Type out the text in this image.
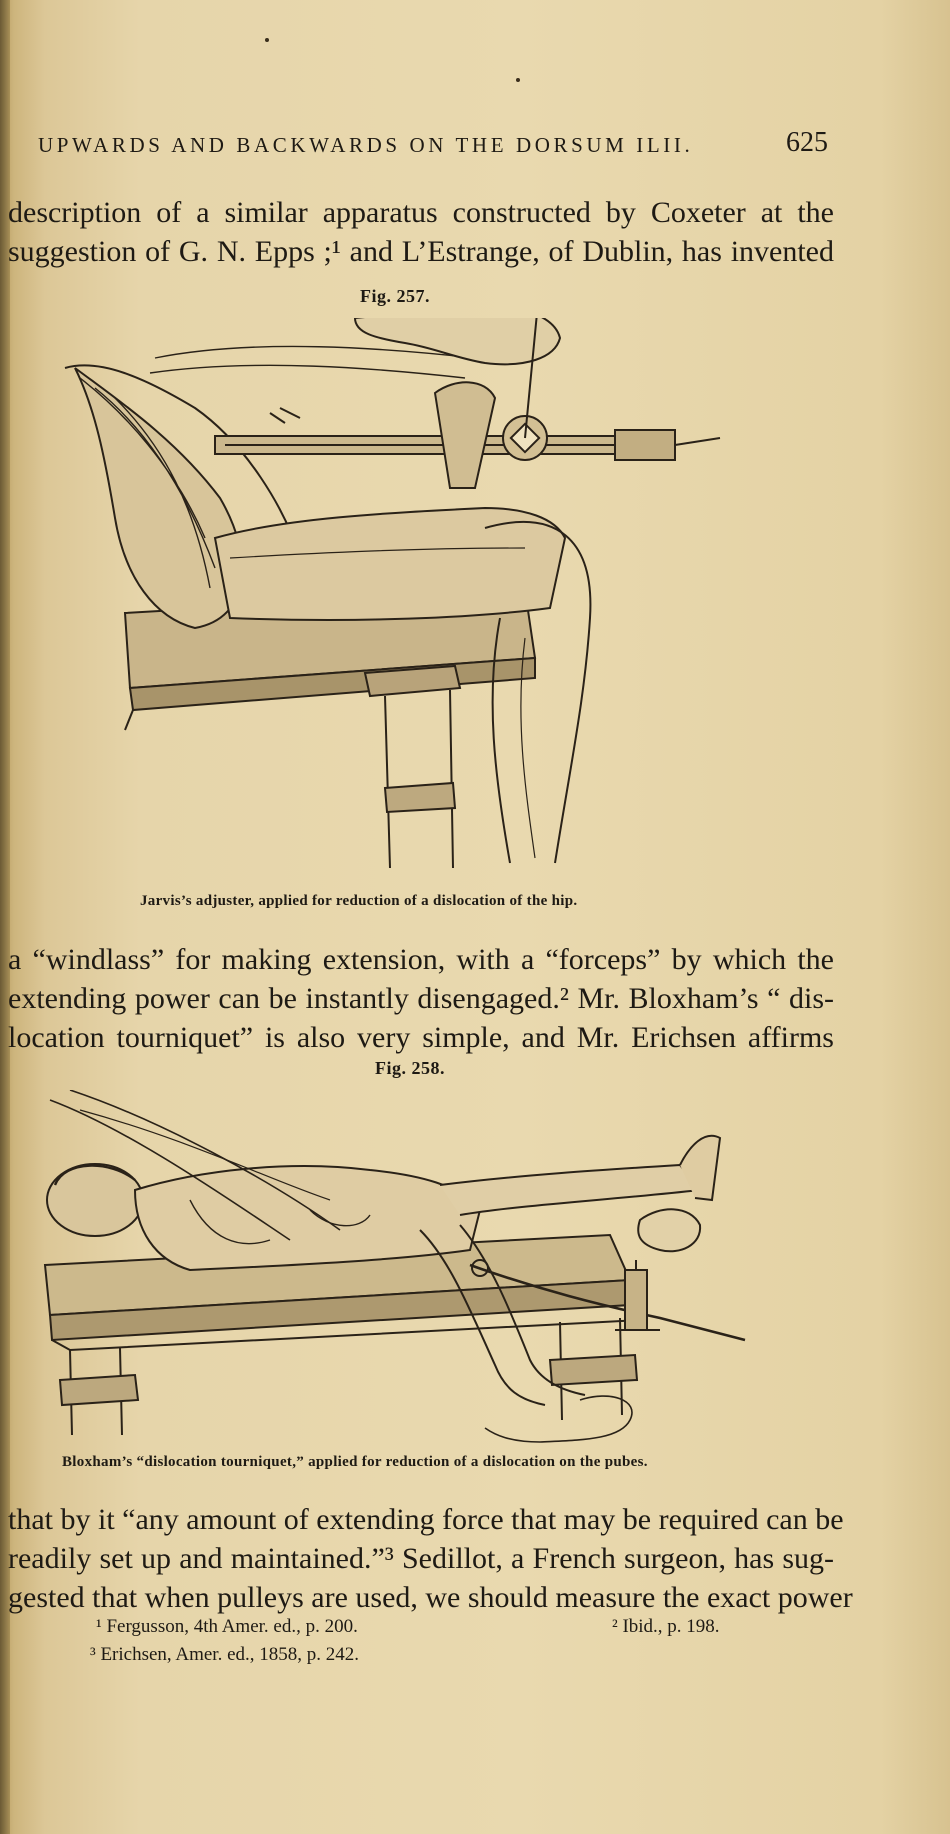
UPWARDS AND BACKWARDS ON THE DORSUM ILII.	625
description of a similar apparatus constructed by Coxeter at the
suggestion of G. N. Epps ;¹ and L’Estrange, of Dublin, has invented
Fig. 257.
Jarvis’s adjuster, applied for reduction of a dislocation of the hip.
a “windlass” for making extension, with a “forceps” by which the
extending power can be instantly disengaged.² Mr. Bloxham’s “ dis-
location tourniquet” is also very simple, and Mr. Erichsen affirms
Fig. 258.
Bloxham’s “dislocation tourniquet,” applied for reduction of a dislocation on the pubes.
that by it “any amount of extending force that may be required can be
readily set up and maintained.”³ Sedillot, a French surgeon, has sug-
gested that when pulleys are used, we should measure the exact power
¹ Fergusson, 4th Amer. ed., p. 200.	² Ibid., p. 198.
³ Erichsen, Amer. ed., 1858, p. 242.
